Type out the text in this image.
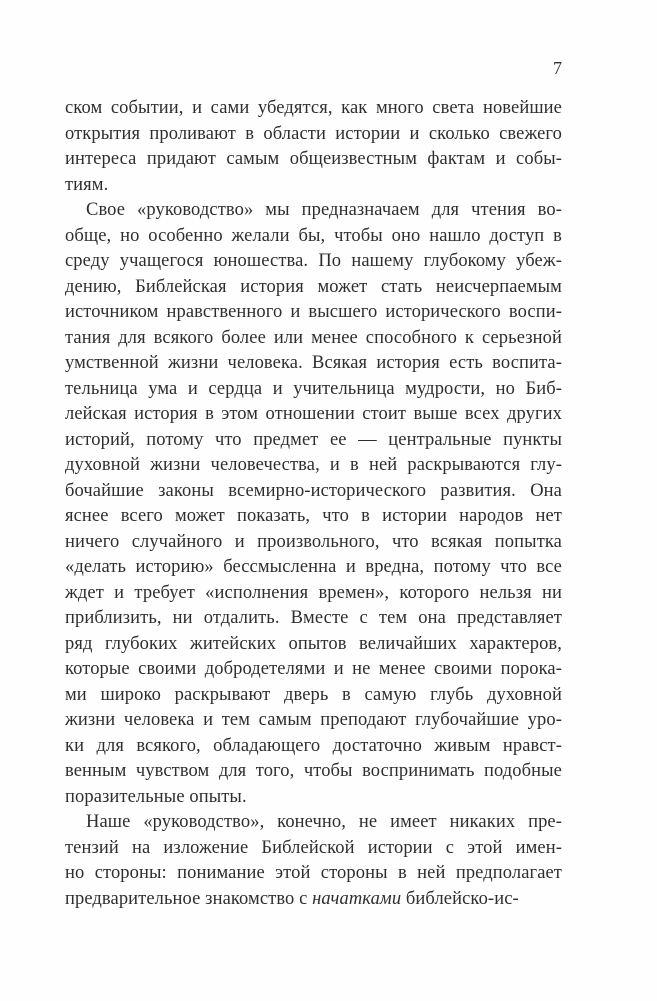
7
ском событии, и сами убедятся, как много света новейшие
открытия проливают в области истории и сколько свежего
интереса придают самым общеизвестным фактам и собы-
тиям.
Свое «руководство» мы предназначаем для чтения во-
обще, но особенно желали бы, чтобы оно нашло доступ в
среду учащегося юношества. По нашему глубокому убеж-
дению, Библейская история может стать неисчерпаемым
источником нравственного и высшего исторического воспи-
тания для всякого более или менее способного к серьезной
умственной жизни человека. Всякая история есть воспита-
тельница ума и сердца и учительница мудрости, но Биб-
лейская история в этом отношении стоит выше всех других
историй, потому что предмет ее — центральные пункты
духовной жизни человечества, и в ней раскрываются глу-
бочайшие законы всемирно-исторического развития. Она
яснее всего может показать, что в истории народов нет
ничего случайного и произвольного, что всякая попытка
«делать историю» бессмысленна и вредна, потому что все
ждет и требует «исполнения времен», которого нельзя ни
приблизить, ни отдалить. Вместе с тем она представляет
ряд глубоких житейских опытов величайших характеров,
которые своими добродетелями и не менее своими порока-
ми широко раскрывают дверь в самую глубь духовной
жизни человека и тем самым преподают глубочайшие уро-
ки для всякого, обладающего достаточно живым нравст-
венным чувством для того, чтобы воспринимать подобные
поразительные опыты.
Наше «руководство», конечно, не имеет никаких пре-
тензий на изложение Библейской истории с этой имен-
но стороны: понимание этой стороны в ней предполагает
предварительное знакомство с начатками библейско-ис-
